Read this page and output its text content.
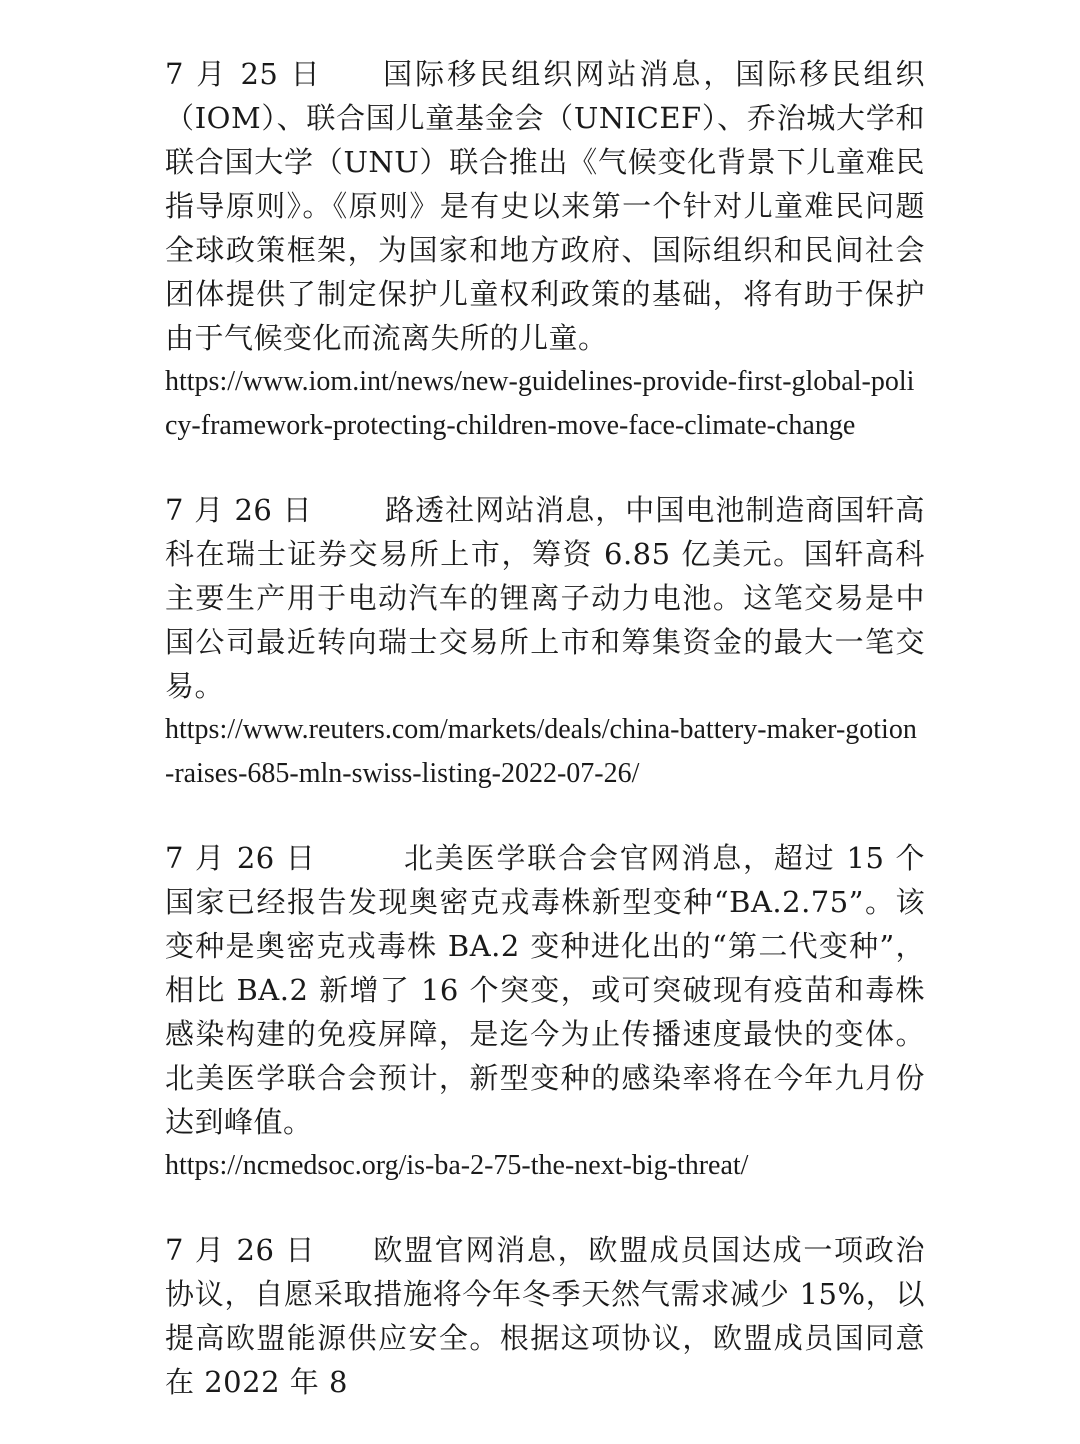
7 月 25 日 国际移民组织网站消息，国际移民组织（IOM）、联合国儿童基金会（UNICEF）、乔治城大学和联合国大学（UNU）联合推出《气候变化背景下儿童难民指导原则》。《原则》是有史以来第一个针对儿童难民问题全球政策框架，为国家和地方政府、国际组织和民间社会团体提供了制定保护儿童权利政策的基础，将有助于保护由于气候变化而流离失所的儿童。

https://www.iom.int/news/new-guidelines-provide-first-global-policy-framework-protecting-children-move-face-climate-change

7 月 26 日 路透社网站消息，中国电池制造商国轩高科在瑞士证券交易所上市，筹资 6.85 亿美元。国轩高科主要生产用于电动汽车的锂离子动力电池。这笔交易是中国公司最近转向瑞士交易所上市和筹集资金的最大一笔交易。

https://www.reuters.com/markets/deals/china-battery-maker-gotion-raises-685-mln-swiss-listing-2022-07-26/

7 月 26 日	北美医学联合会官网消息，超过 15 个国家已经报告发现奥密克戎毒株新型变种“BA.2.75”。该变种是奥密克戎毒株 BA.2 变种进化出的“第二代变种”，相比 BA.2 新增了 16 个突变，或可突破现有疫苗和毒株感染构建的免疫屏障，是迄今为止传播速度最快的变体。北美医学联合会预计，新型变种的感染率将在今年九月份达到峰值。

https://ncmedsoc.org/is-ba-2-75-the-next-big-threat/

7 月 26 日 欧盟官网消息，欧盟成员国达成一项政治协议，自愿采取措施将今年冬季天然气需求减少 15%，以提高欧盟能源供应安全。根据这项协议，欧盟成员国同意在 2022 年 8
